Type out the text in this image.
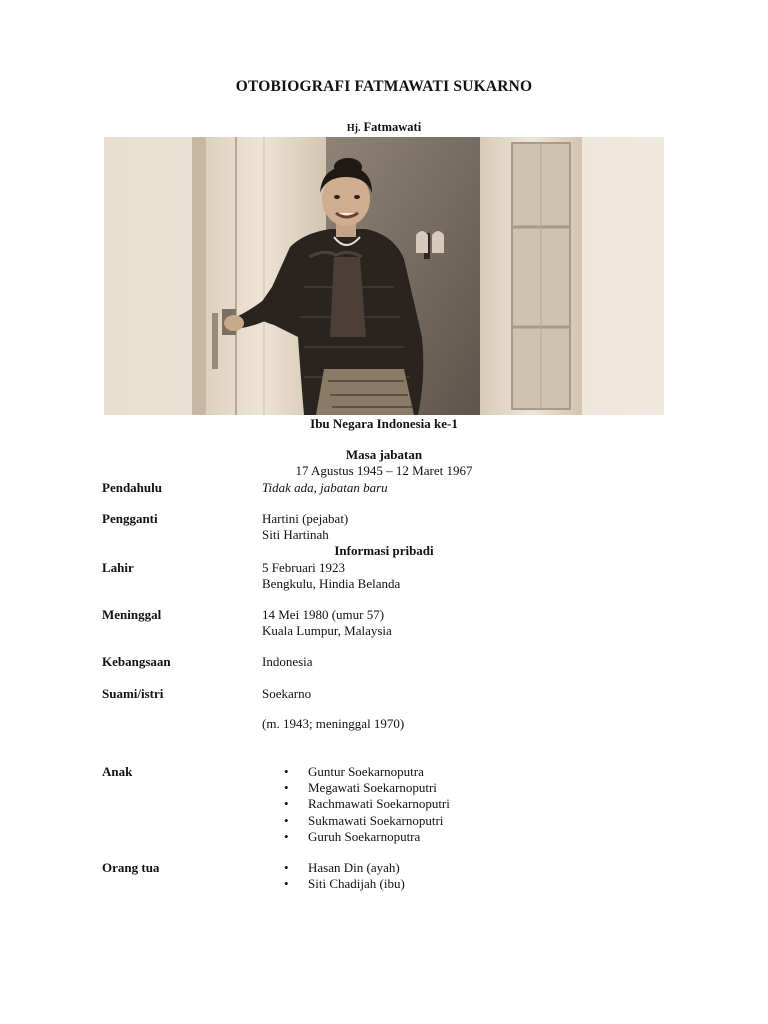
OTOBIOGRAFI FATMAWATI SUKARNO
Hj. Fatmawati
Ibu Negara Indonesia ke-1
Masa jabatan
17 Agustus 1945 – 12 Maret 1967
Pendahulu	Tidak ada, jabatan baru
Pengganti	Hartini (pejabat)
Siti Hartinah
Informasi pribadi
Lahir	5 Februari 1923
Bengkulu, Hindia Belanda
Meninggal	14 Mei 1980 (umur 57)
Kuala Lumpur, Malaysia
Kebangsaan	Indonesia
Suami/istri	Soekarno
(m. 1943; meninggal 1970)
Anak	• Guntur Soekarnoputra
• Megawati Soekarnoputri
• Rachmawati Soekarnoputri
• Sukmawati Soekarnoputri
• Guruh Soekarnoputra
Orang tua	• Hasan Din (ayah)
• Siti Chadijah (ibu)
